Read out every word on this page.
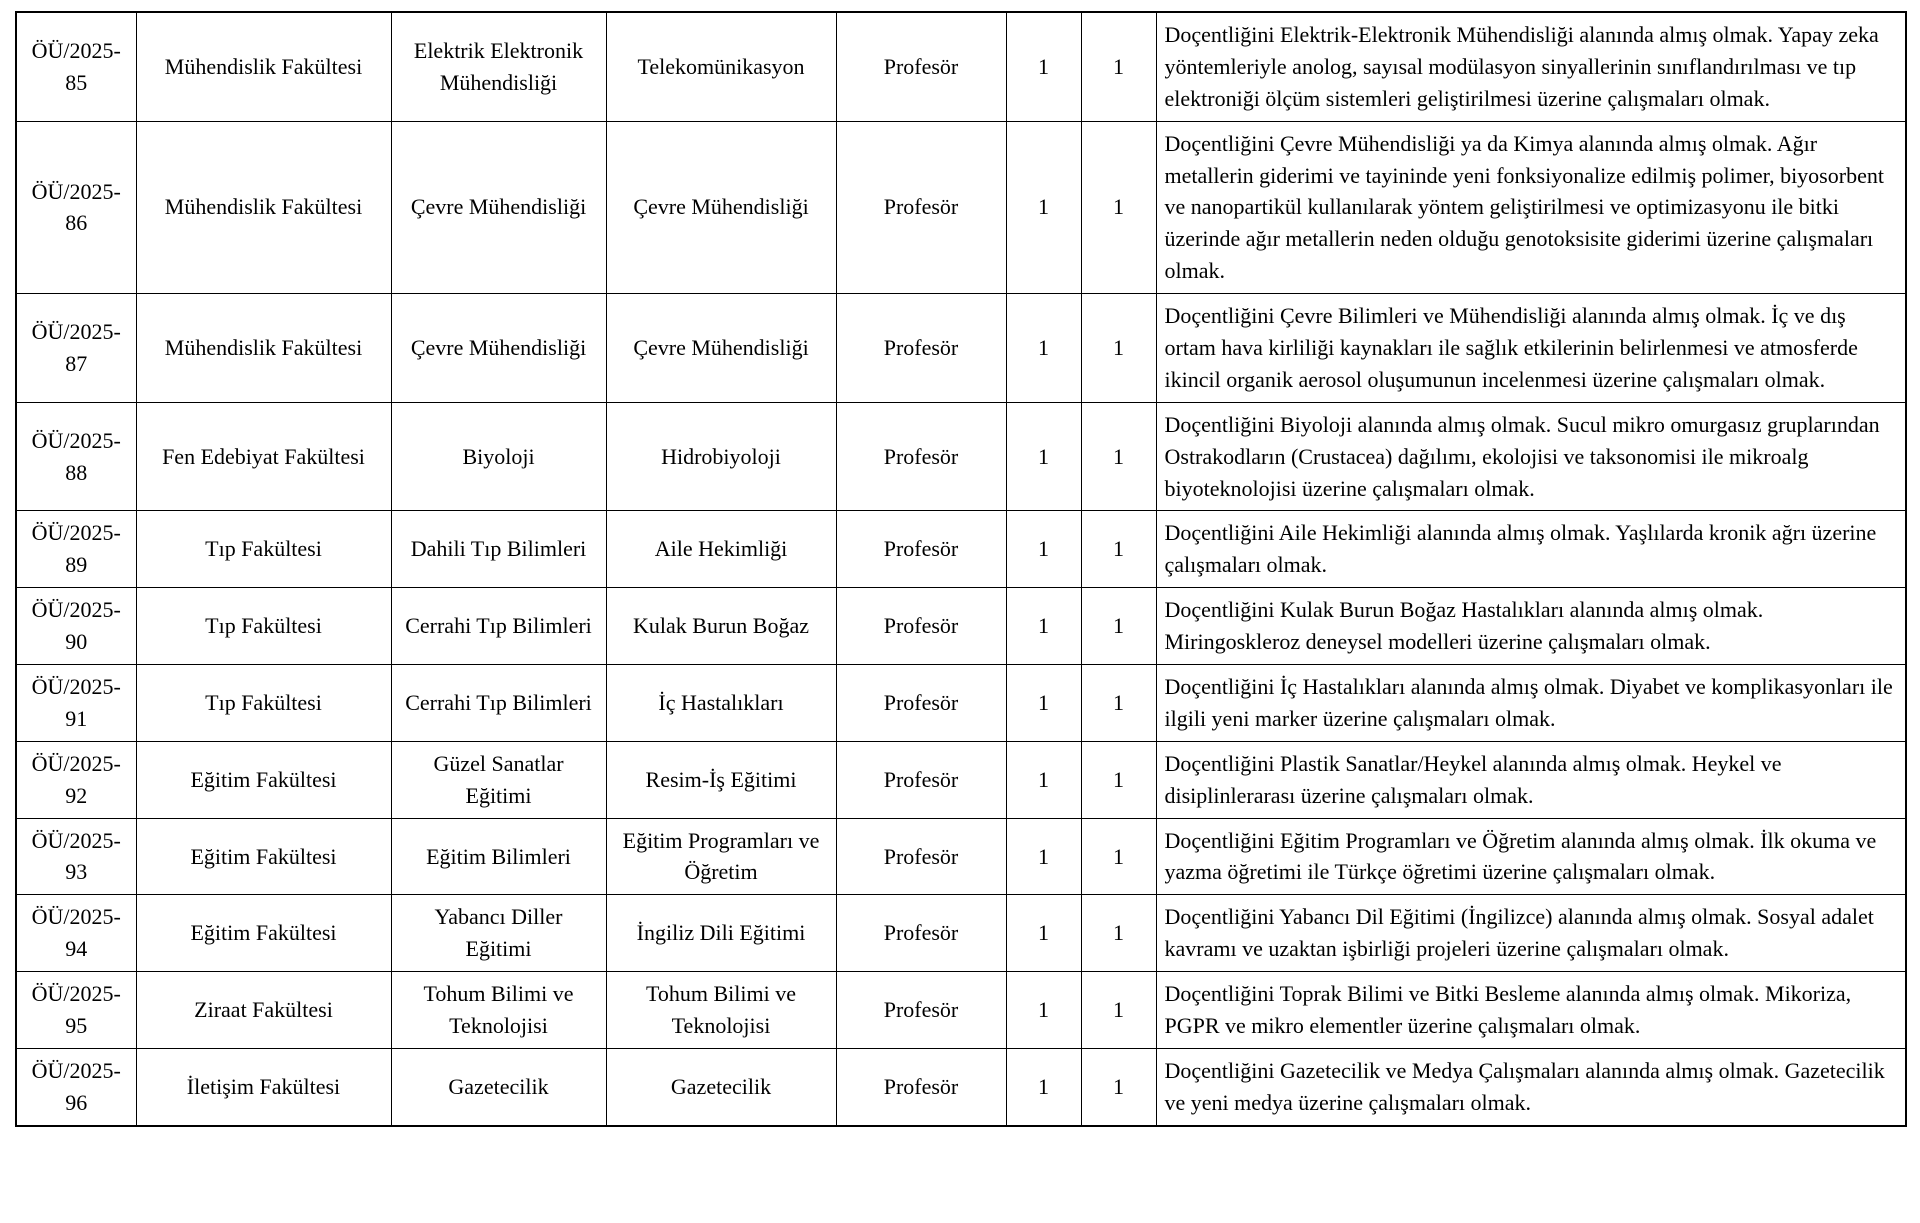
ÖÜ/2025-85	Mühendislik Fakültesi	Elektrik Elektronik Mühendisliği	Telekomünikasyon	Profesör	1	1	Doçentliğini Elektrik-Elektronik Mühendisliği alanında almış olmak. Yapay zeka yöntemleriyle anolog, sayısal modülasyon sinyallerinin sınıflandırılması ve tıp elektroniği ölçüm sistemleri geliştirilmesi üzerine çalışmaları olmak.
ÖÜ/2025-86	Mühendislik Fakültesi	Çevre Mühendisliği	Çevre Mühendisliği	Profesör	1	1	Doçentliğini Çevre Mühendisliği ya da Kimya alanında almış olmak. Ağır metallerin giderimi ve tayininde yeni fonksiyonalize edilmiş polimer, biyosorbent ve nanopartikül kullanılarak yöntem geliştirilmesi ve optimizasyonu ile bitki üzerinde ağır metallerin neden olduğu genotoksisite giderimi üzerine çalışmaları olmak.
ÖÜ/2025-87	Mühendislik Fakültesi	Çevre Mühendisliği	Çevre Mühendisliği	Profesör	1	1	Doçentliğini Çevre Bilimleri ve Mühendisliği alanında almış olmak. İç ve dış ortam hava kirliliği kaynakları ile sağlık etkilerinin belirlenmesi ve atmosferde ikincil organik aerosol oluşumunun incelenmesi üzerine çalışmaları olmak.
ÖÜ/2025-88	Fen Edebiyat Fakültesi	Biyoloji	Hidrobiyoloji	Profesör	1	1	Doçentliğini Biyoloji alanında almış olmak. Sucul mikro omurgasız gruplarından Ostrakodların (Crustacea) dağılımı, ekolojisi ve taksonomisi ile mikroalg biyoteknolojisi üzerine çalışmaları olmak.
ÖÜ/2025-89	Tıp Fakültesi	Dahili Tıp Bilimleri	Aile Hekimliği	Profesör	1	1	Doçentliğini Aile Hekimliği alanında almış olmak. Yaşlılarda kronik ağrı üzerine çalışmaları olmak.
ÖÜ/2025-90	Tıp Fakültesi	Cerrahi Tıp Bilimleri	Kulak Burun Boğaz	Profesör	1	1	Doçentliğini Kulak Burun Boğaz Hastalıkları alanında almış olmak. Miringoskleroz deneysel modelleri üzerine çalışmaları olmak.
ÖÜ/2025-91	Tıp Fakültesi	Cerrahi Tıp Bilimleri	İç Hastalıkları	Profesör	1	1	Doçentliğini İç Hastalıkları alanında almış olmak. Diyabet ve komplikasyonları ile ilgili yeni marker üzerine çalışmaları olmak.
ÖÜ/2025-92	Eğitim Fakültesi	Güzel Sanatlar Eğitimi	Resim-İş Eğitimi	Profesör	1	1	Doçentliğini Plastik Sanatlar/Heykel alanında almış olmak. Heykel ve disiplinlerarası üzerine çalışmaları olmak.
ÖÜ/2025-93	Eğitim Fakültesi	Eğitim Bilimleri	Eğitim Programları ve Öğretim	Profesör	1	1	Doçentliğini Eğitim Programları ve Öğretim alanında almış olmak. İlk okuma ve yazma öğretimi ile Türkçe öğretimi üzerine çalışmaları olmak.
ÖÜ/2025-94	Eğitim Fakültesi	Yabancı Diller Eğitimi	İngiliz Dili Eğitimi	Profesör	1	1	Doçentliğini Yabancı Dil Eğitimi (İngilizce) alanında almış olmak. Sosyal adalet kavramı ve uzaktan işbirliği projeleri üzerine çalışmaları olmak.
ÖÜ/2025-95	Ziraat Fakültesi	Tohum Bilimi ve Teknolojisi	Tohum Bilimi ve Teknolojisi	Profesör	1	1	Doçentliğini Toprak Bilimi ve Bitki Besleme alanında almış olmak. Mikoriza, PGPR ve mikro elementler üzerine çalışmaları olmak.
ÖÜ/2025-96	İletişim Fakültesi	Gazetecilik	Gazetecilik	Profesör	1	1	Doçentliğini Gazetecilik ve Medya Çalışmaları alanında almış olmak. Gazetecilik ve yeni medya üzerine çalışmaları olmak.
